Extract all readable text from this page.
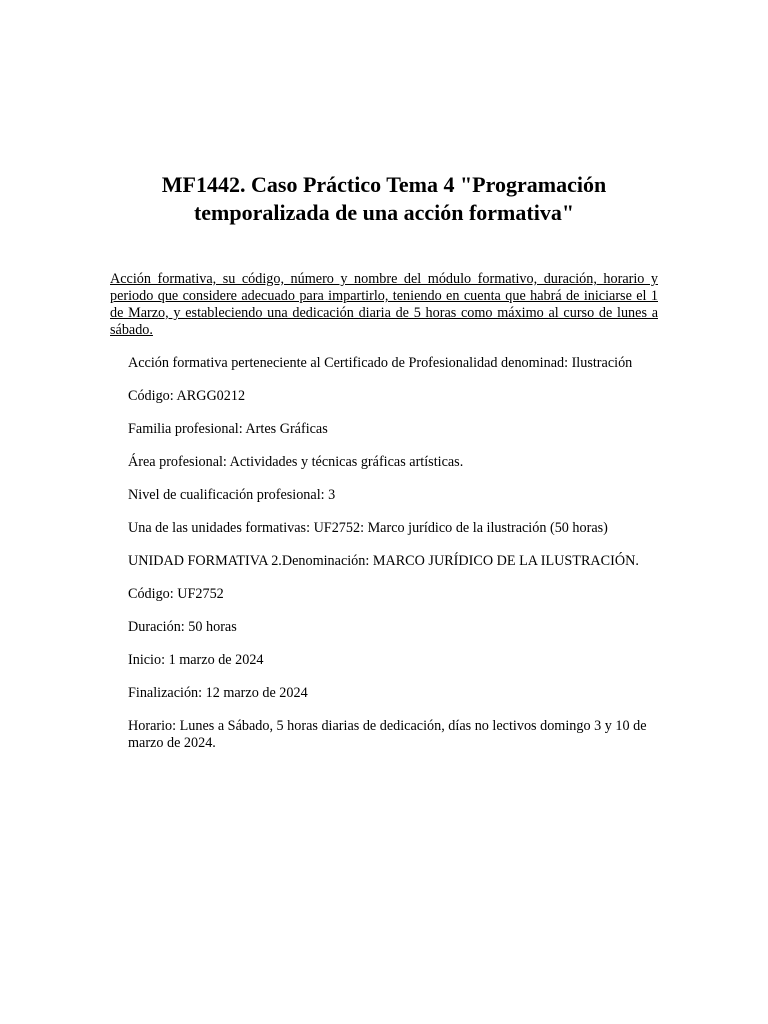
MF1442. Caso Práctico Tema 4 "Programación temporalizada de una acción formativa"

Acción formativa, su código, número y nombre del módulo formativo, duración, horario y periodo que considere adecuado para impartirlo, teniendo en cuenta que habrá de iniciarse el 1 de Marzo, y estableciendo una dedicación diaria de 5 horas como máximo al curso de lunes a sábado.

Acción formativa perteneciente al Certificado de Profesionalidad denominad: Ilustración

Código: ARGG0212

Familia profesional: Artes Gráficas

Área profesional: Actividades y técnicas gráficas artísticas.

Nivel de cualificación profesional: 3

Una de las unidades formativas: UF2752: Marco jurídico de la ilustración (50 horas)

UNIDAD FORMATIVA 2.Denominación: MARCO JURÍDICO DE LA ILUSTRACIÓN.

Código: UF2752

Duración: 50 horas

Inicio: 1 marzo de 2024

Finalización: 12 marzo de 2024

Horario: Lunes a Sábado, 5 horas diarias de dedicación, días no lectivos domingo 3 y 10 de marzo de 2024.
